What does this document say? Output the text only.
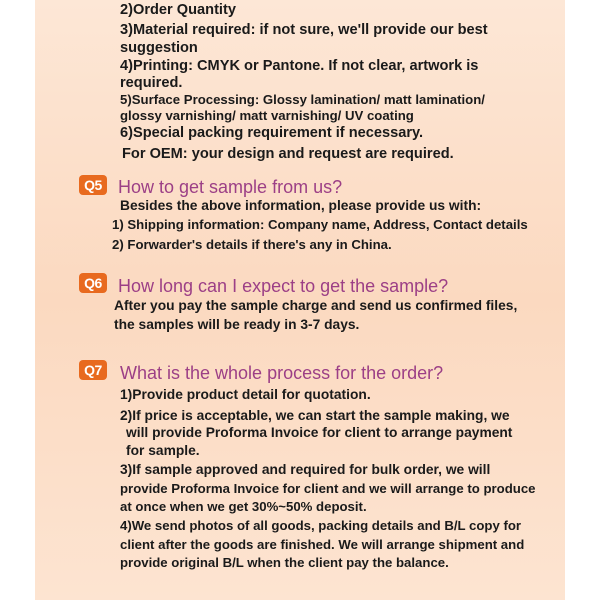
2)Order Quantity
3)Material required: if not sure, we'll provide our best
suggestion
4)Printing: CMYK or Pantone. If not clear, artwork is
required.
5)Surface Processing: Glossy lamination/ matt lamination/
glossy varnishing/ matt varnishing/ UV coating
6)Special packing requirement if necessary.
For OEM: your design and request are required.
Q5 How to get sample from us?
Besides the above information, please provide us with:
1) Shipping information: Company name, Address, Contact details
2) Forwarder's details if there's any in China.
Q6 How long can I expect to get the sample?
After you pay the sample charge and send us confirmed files,
the samples will be ready in 3-7 days.
Q7 What is the whole process for the order?
1)Provide product detail for quotation.
2)If price is acceptable, we can start the sample making, we
will provide Proforma Invoice for client to arrange payment
for sample.
3)If sample approved and required for bulk order, we will
provide Proforma Invoice for client and we will arrange to produce
at once when we get 30%~50% deposit.
4)We send photos of all goods, packing details and B/L copy for
client after the goods are finished. We will arrange shipment and
provide original B/L when the client pay the balance.
